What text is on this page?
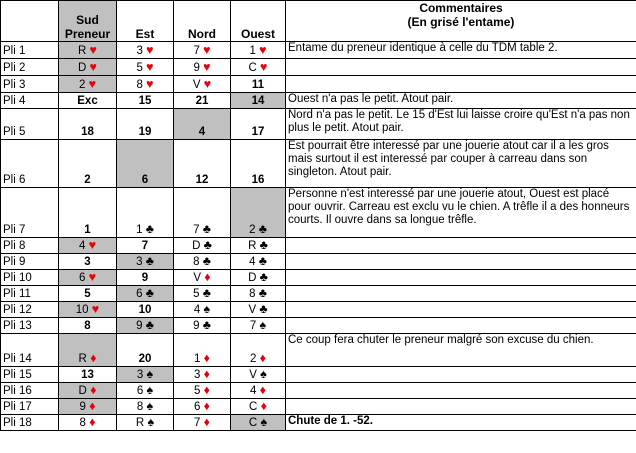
	Sud Preneur	Est	Nord	Ouest	Commentaires
(En grisé l'entame)

Pli 1	R ♥	3 ♥	7 ♥	1 ♥	Entame du preneur identique à celle du TDM table 2.
Pli 2	D ♥	5 ♥	9 ♥	C ♥	
Pli 3	2 ♥	8 ♥	V ♥	11	
Pli 4	Exc	15	21	14	Ouest n'a pas le petit. Atout pair.
Pli 5	18	19	4	17	Nord n'a pas le petit. Le 15 d'Est lui laisse croire qu'Est n'a pas non plus le petit. Atout pair.
Pli 6	2	6	12	16	Est pourrait être interessé par une jouerie atout car il a les gros mais surtout il est interessé par couper à carreau dans son singleton. Atout pair.
Pli 7	1	1 ♣	7 ♣	2 ♣	Personne n'est interessé par une jouerie atout, Ouest est placé pour ouvrir. Carreau est exclu vu le chien. A trêfle il a des honneurs courts. Il ouvre dans sa longue trêfle.
Pli 8	4 ♥	7	D ♣	R ♣	
Pli 9	3	3 ♣	8 ♣	4 ♣	
Pli 10	6 ♥	9	V ♦	D ♣	
Pli 11	5	6 ♣	5 ♣	8 ♣	
Pli 12	10 ♥	10	4 ♠	V ♣	
Pli 13	8	9 ♣	9 ♣	7 ♠	
Pli 14	R ♦	20	1 ♦	2 ♦	Ce coup fera chuter le preneur malgré son excuse du chien.
Pli 15	13	3 ♠	3 ♦	V ♠	
Pli 16	D ♦	6 ♠	5 ♦	4 ♦	
Pli 17	9 ♦	8 ♠	6 ♦	C ♦	
Pli 18	8 ♦	R ♠	7 ♦	C ♠	Chute de 1. -52.
